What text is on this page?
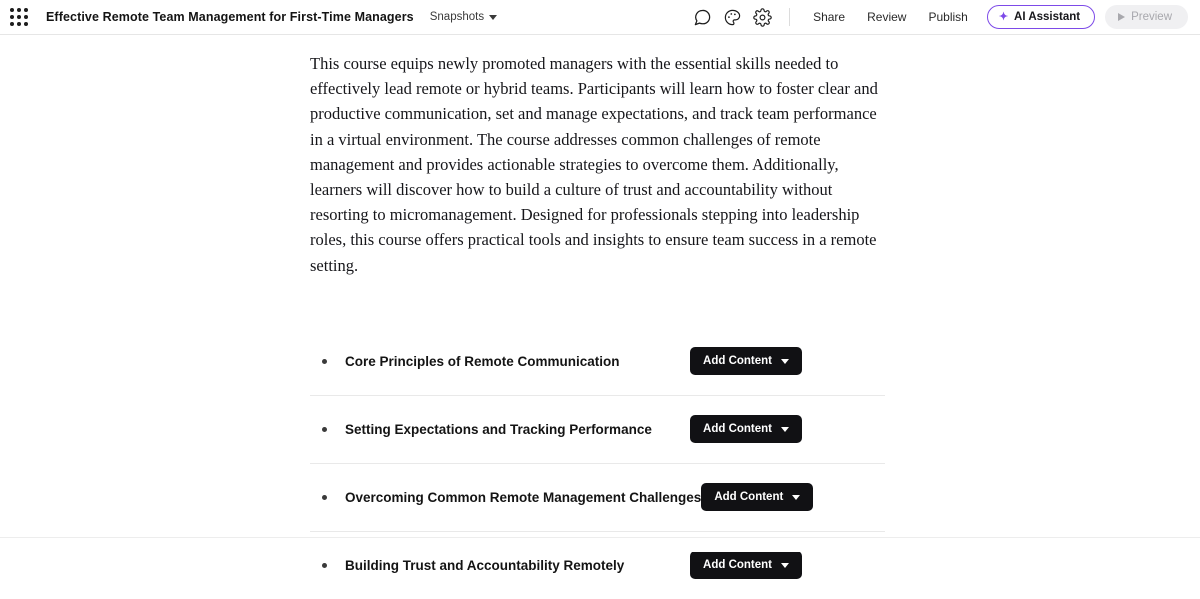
Effective Remote Team Management for First-Time Managers Snapshots	Share Review Publish	✦ AI Assistant	Preview
This course equips newly promoted managers with the essential skills needed to effectively lead remote or hybrid teams. Participants will learn how to foster clear and productive communication, set and manage expectations, and track team performance in a virtual environment. The course addresses common challenges of remote management and provides actionable strategies to overcome them. Additionally, learners will discover how to build a culture of trust and accountability without resorting to micromanagement. Designed for professionals stepping into leadership roles, this course offers practical tools and insights to ensure team success in a remote setting.
Core Principles of Remote Communication	Add Content
Setting Expectations and Tracking Performance	Add Content
Overcoming Common Remote Management Challenges Add Content
Building Trust and Accountability Remotely	Add Content
